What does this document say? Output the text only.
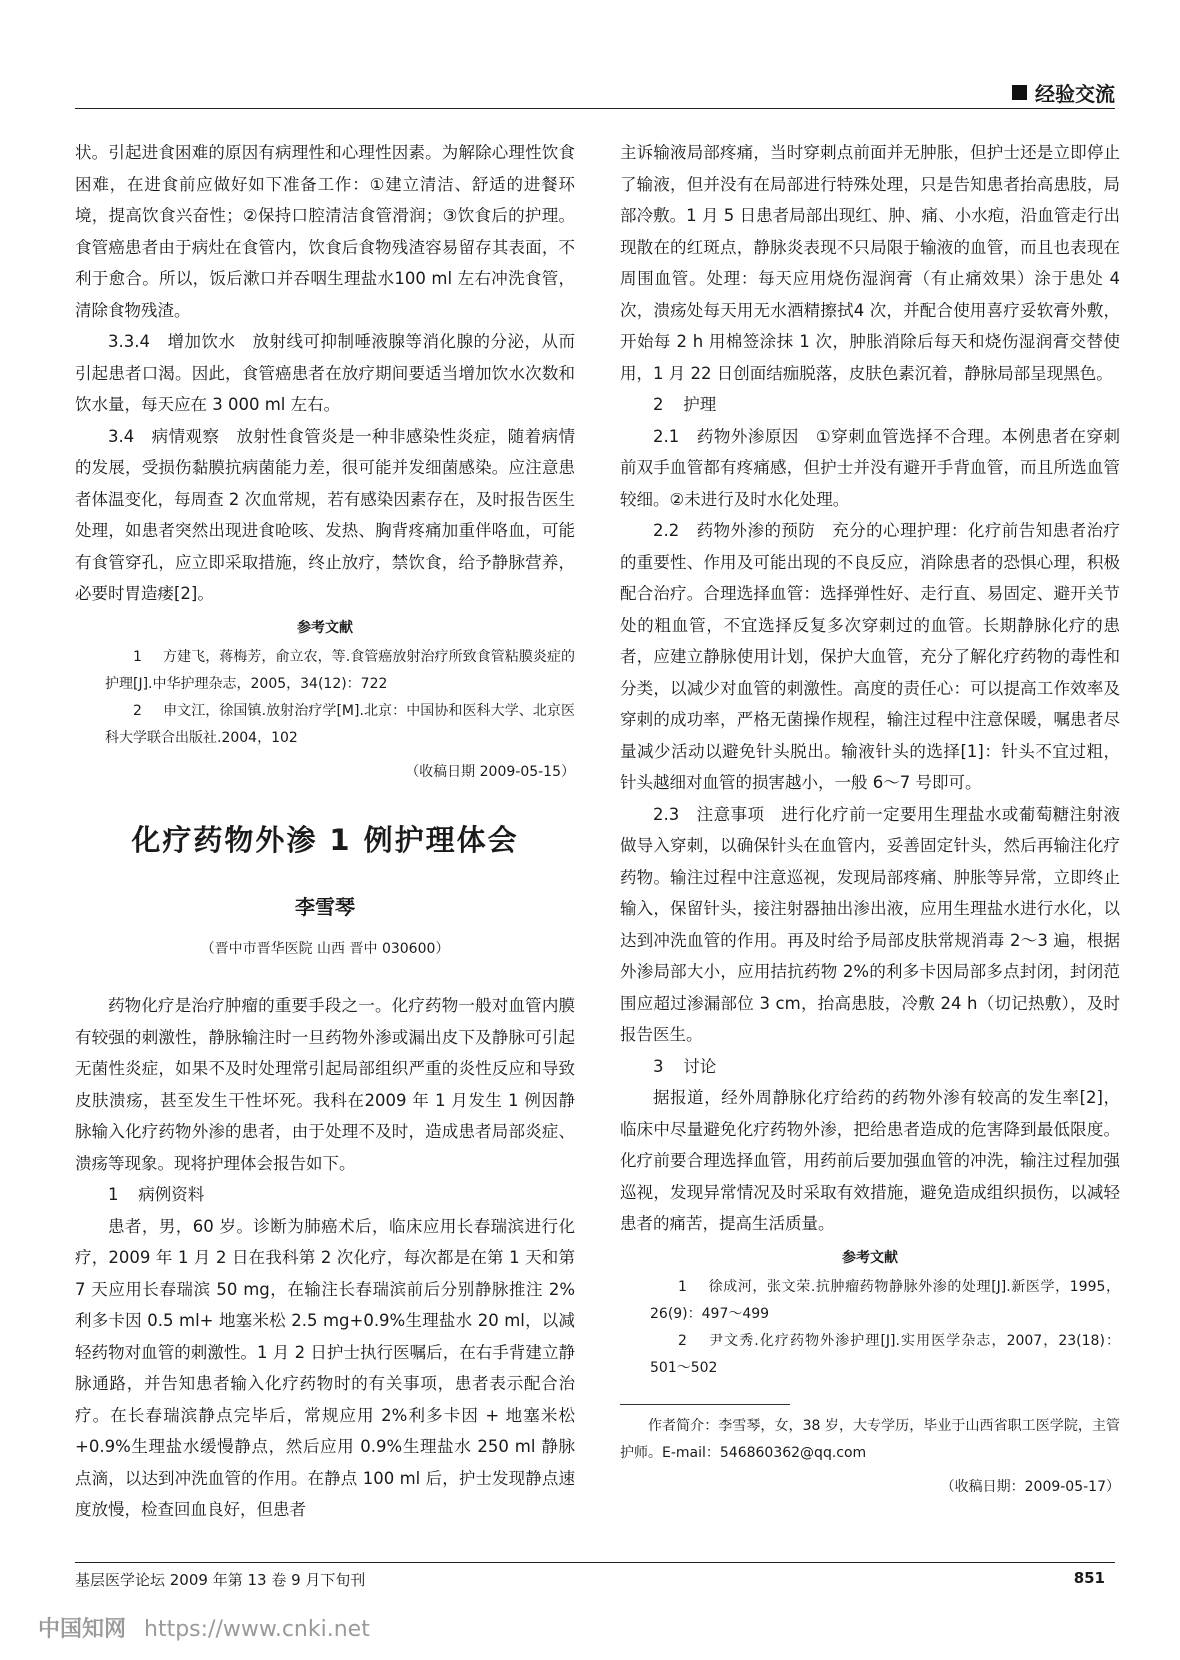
经验交流

状。引起进食困难的原因有病理性和心理性因素。为解除心理性饮食困难，在进食前应做好如下准备工作：①建立清洁、舒适的进餐环境，提高饮食兴奋性；②保持口腔清洁食管滑润；③饮食后的护理。食管癌患者由于病灶在食管内，饮食后食物残渣容易留存其表面，不利于愈合。所以，饭后漱口并吞咽生理盐水100 ml 左右冲洗食管，清除食物残渣。

3.3.4　 增加饮水　放射线可抑制唾液腺等消化腺的分泌，从而引起患者口渴。因此，食管癌患者在放疗期间要适当增加饮水次数和饮水量，每天应在 3 000 ml 左右。

3.4　 病情观察　放射性食管炎是一种非感染性炎症，随着病情的发展，受损伤黏膜抗病菌能力差，很可能并发细菌感染。应注意患者体温变化，每周查 2 次血常规，若有感染因素存在，及时报告医生处理，如患者突然出现进食呛咳、发热、胸背疼痛加重伴咯血，可能有食管穿孔，应立即采取措施，终止放疗，禁饮食，给予静脉营养，必要时胃造瘘[2]。

参考文献

1 方建飞，蒋梅芳，俞立农，等.食管癌放射治疗所致食管粘膜炎症的护理[J].中华护理杂志，2005，34(12)：722

2 申文江，徐国镇.放射治疗学[M].北京：中国协和医科大学、北京医科大学联合出版社.2004，102

（收稿日期 2009-05-15）
化疗药物外渗 1 例护理体会
李雪琴
（晋中市晋华医院 山西 晋中 030600）

药物化疗是治疗肿瘤的重要手段之一。化疗药物一般对血管内膜有较强的刺激性，静脉输注时一旦药物外渗或漏出皮下及静脉可引起无菌性炎症，如果不及时处理常引起局部组织严重的炎性反应和导致皮肤溃疡，甚至发生干性坏死。我科在2009 年 1 月发生 1 例因静脉输入化疗药物外渗的患者，由于处理不及时，造成患者局部炎症、溃疡等现象。现将护理体会报告如下。

1 病例资料

患者，男，60 岁。诊断为肺癌术后，临床应用长春瑞滨进行化疗，2009 年 1 月 2 日在我科第 2 次化疗，每次都是在第 1 天和第 7 天应用长春瑞滨 50 mg，在输注长春瑞滨前后分别静脉推注 2%利多卡因 0.5 ml+ 地塞米松 2.5 mg+0.9%生理盐水 20 ml，以减轻药物对血管的刺激性。1 月 2 日护士执行医嘱后，在右手背建立静脉通路，并告知患者输入化疗药物时的有关事项，患者表示配合治疗。在长春瑞滨静点完毕后，常规应用 2%利多卡因 + 地塞米松 +0.9%生理盐水缓慢静点，然后应用 0.9%生理盐水 250 ml 静脉点滴，以达到冲洗血管的作用。在静点 100 ml 后，护士发现静点速度放慢，检查回血良好，但患者

主诉输液局部疼痛，当时穿刺点前面并无肿胀，但护士还是立即停止了输液，但并没有在局部进行特殊处理，只是告知患者抬高患肢，局部冷敷。1 月 5 日患者局部出现红、肿、痛、小水疱，沿血管走行出现散在的红斑点，静脉炎表现不只局限于输液的血管，而且也表现在周围血管。处理：每天应用烧伤湿润膏（有止痛效果）涂于患处 4 次，溃疡处每天用无水酒精擦拭4 次，并配合使用喜疗妥软膏外敷，开始每 2 h 用棉签涂抹 1 次，肿胀消除后每天和烧伤湿润膏交替使用，1 月 22 日创面结痂脱落，皮肤色素沉着，静脉局部呈现黑色。

2 护理

2.1　 药物外渗原因　①穿刺血管选择不合理。本例患者在穿刺前双手血管都有疼痛感，但护士并没有避开手背血管，而且所选血管较细。②未进行及时水化处理。

2.2　 药物外渗的预防　充分的心理护理：化疗前告知患者治疗的重要性、作用及可能出现的不良反应，消除患者的恐惧心理，积极配合治疗。合理选择血管：选择弹性好、走行直、易固定、避开关节处的粗血管，不宜选择反复多次穿刺过的血管。长期静脉化疗的患者，应建立静脉使用计划，保护大血管，充分了解化疗药物的毒性和分类，以减少对血管的刺激性。高度的责任心：可以提高工作效率及穿刺的成功率，严格无菌操作规程，输注过程中注意保暖，嘱患者尽量减少活动以避免针头脱出。输液针头的选择[1]：针头不宜过粗，针头越细对血管的损害越小，一般 6～7 号即可。

2.3　 注意事项　进行化疗前一定要用生理盐水或葡萄糖注射液做导入穿刺，以确保针头在血管内，妥善固定针头，然后再输注化疗药物。输注过程中注意巡视，发现局部疼痛、肿胀等异常，立即终止输入，保留针头，接注射器抽出渗出液，应用生理盐水进行水化，以达到冲洗血管的作用。再及时给予局部皮肤常规消毒 2～3 遍，根据外渗局部大小，应用拮抗药物 2%的利多卡因局部多点封闭，封闭范围应超过渗漏部位 3 cm，抬高患肢，冷敷 24 h（切记热敷），及时报告医生。

3 讨论

据报道，经外周静脉化疗给药的药物外渗有较高的发生率[2]，临床中尽量避免化疗药物外渗，把给患者造成的危害降到最低限度。化疗前要合理选择血管，用药前后要加强血管的冲洗，输注过程加强巡视，发现异常情况及时采取有效措施，避免造成组织损伤，以减轻患者的痛苦，提高生活质量。

参考文献

1 徐成河，张文荣.抗肿瘤药物静脉外渗的处理[J].新医学，1995，26(9)：497～499

2 尹文秀.化疗药物外渗护理[J].实用医学杂志，2007，23(18)：501～502

作者简介：李雪琴，女，38 岁，大专学历，毕业于山西省职工医学院，主管护师。E-mail：546860362@qq.com

（收稿日期：2009-05-17）
基层医学论坛 2009 年第 13 卷 9 月下旬刊	851
中国知网 https://www.cnki.net
